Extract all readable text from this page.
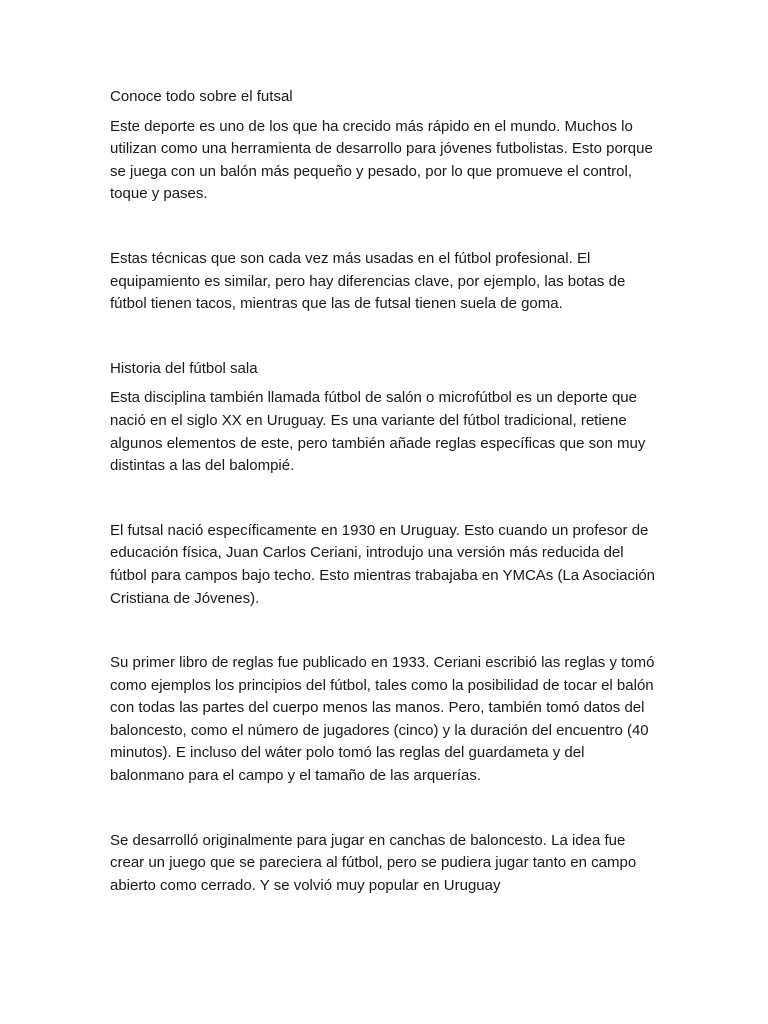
Conoce todo sobre el futsal

Este deporte es uno de los que ha crecido más rápido en el mundo. Muchos lo utilizan como una herramienta de desarrollo para jóvenes futbolistas. Esto porque se juega con un balón más pequeño y pesado, por lo que promueve el control, toque y pases.

Estas técnicas que son cada vez más usadas en el fútbol profesional. El equipamiento es similar, pero hay diferencias clave, por ejemplo, las botas de fútbol tienen tacos, mientras que las de futsal tienen suela de goma.

Historia del fútbol sala

Esta disciplina también llamada fútbol de salón o microfútbol es un deporte que nació en el siglo XX en Uruguay. Es una variante del fútbol tradicional, retiene algunos elementos de este, pero también añade reglas específicas que son muy distintas a las del balompié.

El futsal nació específicamente en 1930 en Uruguay. Esto cuando un profesor de educación física, Juan Carlos Ceriani, introdujo una versión más reducida del fútbol para campos bajo techo. Esto mientras trabajaba en YMCAs (La Asociación Cristiana de Jóvenes).

Su primer libro de reglas fue publicado en 1933. Ceriani escribió las reglas y tomó como ejemplos los principios del fútbol, tales como la posibilidad de tocar el balón con todas las partes del cuerpo menos las manos. Pero, también tomó datos del baloncesto, como el número de jugadores (cinco) y la duración del encuentro (40 minutos). E incluso del wáter polo tomó las reglas del guardameta y del balonmano para el campo y el tamaño de las arquerías.

Se desarrolló originalmente para jugar en canchas de baloncesto. La idea fue crear un juego que se pareciera al fútbol, pero se pudiera jugar tanto en campo abierto como cerrado. Y se volvió muy popular en Uruguay
